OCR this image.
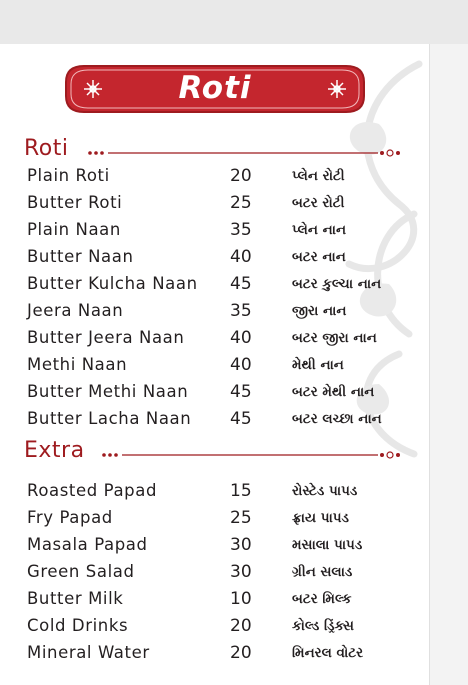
Roti
Roti
Plain Roti	20	પ્લેન રોટી
Butter Roti	25	બટર રોટી
Plain Naan	35	પ્લેન નાન
Butter Naan	40	બટર નાન
Butter Kulcha Naan 45	બટર કુલ્ચા નાન
Jeera Naan	35	જીરા નાન
Butter Jeera Naan	40	બટર જીરા નાન
Methi Naan	40	મેથી નાન
Butter Methi Naan 45	બટર મેથી નાન
Butter Lacha Naan 45	બટર લચ્છા નાન
Extra
Roasted Papad	15	રોસ્ટેડ પાપડ
Fry Papad	25	ફ્રાય પાપડ
Masala Papad	30	મસાલા પાપડ
Green Salad	30	ગ્રીન સલાડ
Butter Milk	10	બટર મિલ્ક
Cold Drinks	20	કોલ્ડ ડ્રિંક્સ
Mineral Water	20	મિનરલ વોટર
